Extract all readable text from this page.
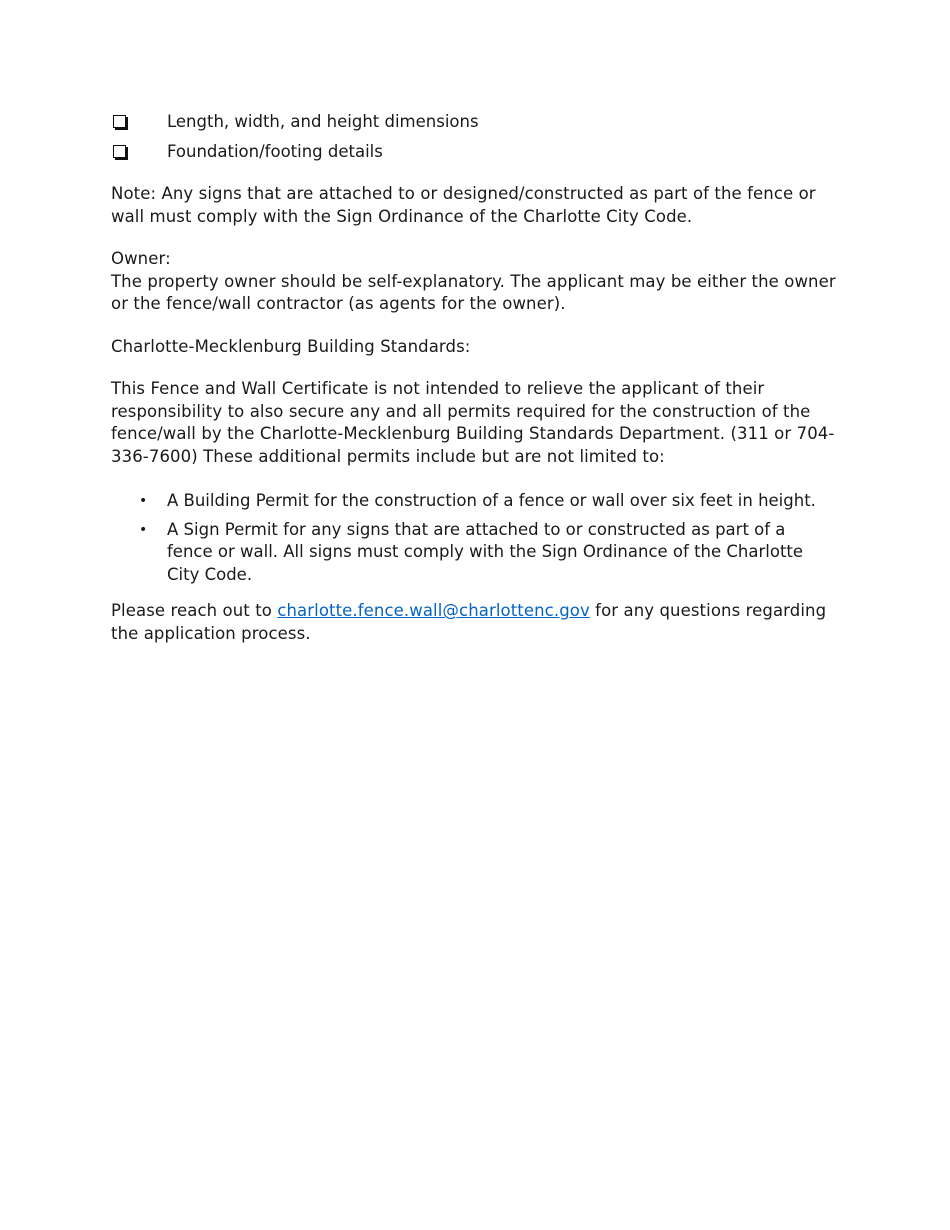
Length, width, and height dimensions
Foundation/footing details

Note: Any signs that are attached to or designed/constructed as part of the fence or wall must comply with the Sign Ordinance of the Charlotte City Code.

Owner:

The property owner should be self-explanatory. The applicant may be either the owner or the fence/wall contractor (as agents for the owner).

Charlotte-Mecklenburg Building Standards:

This Fence and Wall Certificate is not intended to relieve the applicant of their responsibility to also secure any and all permits required for the construction of the fence/wall by the Charlotte-Mecklenburg Building Standards Department. (311 or 704-336-7600) These additional permits include but are not limited to:

•	A Building Permit for the construction of a fence or wall over six feet in height.
•	A Sign Permit for any signs that are attached to or constructed as part of a fence or wall. All signs must comply with the Sign Ordinance of the Charlotte City Code.

Please reach out to charlotte.fence.wall@charlottenc.gov for any questions regarding the application process.
